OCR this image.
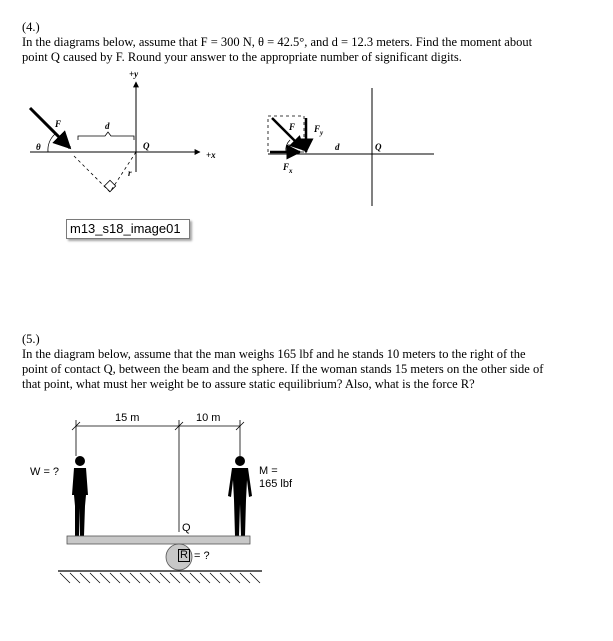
(4.)
In the diagrams below, assume that F = 300 N, θ = 42.5°, and d = 12.3 meters. Find the moment about
point Q caused by F. Round your answer to the appropriate number of significant digits.
+y
F
θ
d
Q
+x
r
F $F_y$
θ	d	Q
$F_x$
m13_s18_image01
(5.)
In the diagram below, assume that the man weighs 165 lbf and he stands 10 meters to the right of the
point of contact Q, between the beam and the sphere. If the woman stands 15 meters on the other side of
that point, what must her weight be to assure static equilibrium? Also, what is the force R?
15 m	10 m
W = ?	M =
165 lbf
Q
R = ?
